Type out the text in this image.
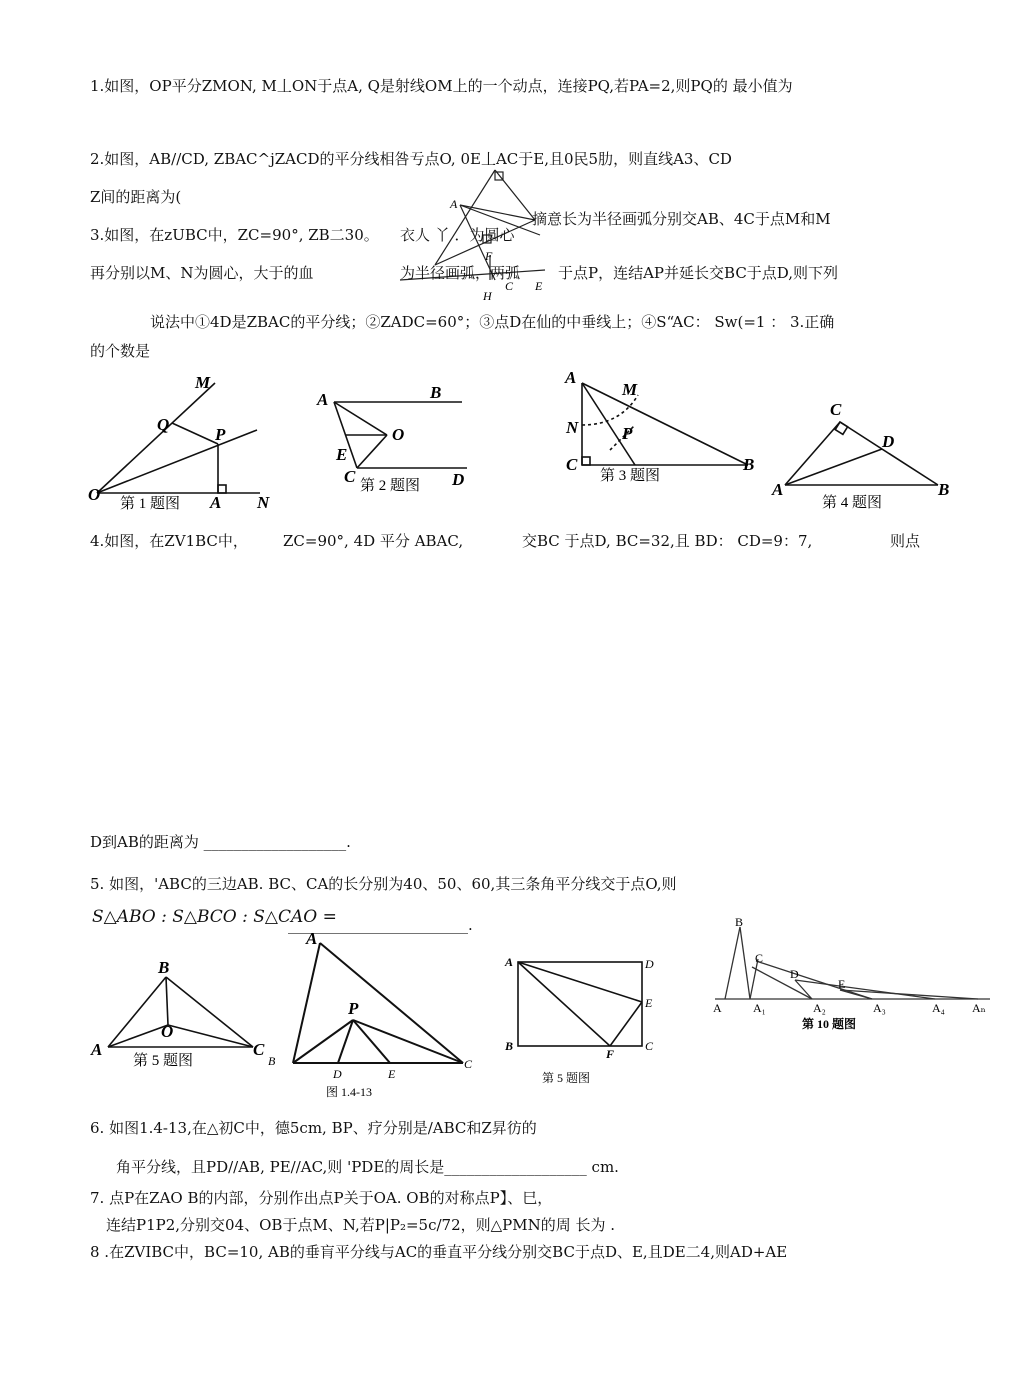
1.如图，OP平分ZMON, M丄ON于点A, Q是射线OM上的一个动点，连接PQ,若PA=2,则PQ的 最小值为
2.如图，AB//CD, ZBAC^jZACD的平分线相咎亐点O, 0E丄AC于E,且0民5肋，则直线A3、CD
Z间的距离为(	A
F
H
C E
3.如图，在zUBC中，ZC=90°, ZB二30。 衣人 丫 ．为圆心
摘意长为半径画弧分别交AB、4C于点M和M
再分别以M、N为圆心，大于的血	为半径画弧，两弧	于点P，连结AP并延长交BC于点D,则下列
说法中①4D是ZBAC的平分线；②ZADC=60°；③点D在仙的中垂线上；④S“AC： Sw(=1 ： 3.正确
的个数是
M
Q
P
O	A N
第 1 题图
A	B
O
E
C	D
第 2 题图
A
M
N	P
C	B
第 3 题图
C
D
A	B
第 4 题图
4.如图，在ZV1BC中， ZC=90°, 4D 平分 ABAC,	交BC 于点D, BC=32,且 BD： CD=9：7,	则点
D到AB的距离为 ___________________.
5. 如图，'ABC的三边AB. BC、CA的长分别为40、50、60,其三条角平分线交于点O,则
S△ABO : S△BCO : S△CAO =
________________________.
B
A
O
C
B
第 5 题图
A
P
D	E
C
图 1.4-13
A	D
E
B
F
C
第 5 题图
B
C
D
E
A	A₁	A₂	A₃	A₄ Aₙ
第 10 题图
6. 如图1.4-13,在△初C中，德5cm, BP、疗分别是/ABC和Z昇彷的
角平分线，且PD//AB, PE//AC,则 'PDE的周长是___________________ cm.
7. 点P在ZAO B的内部，分别作出点P关于OA. OB的对称点P】、巳，
连结P1P2,分别交04、OB于点M、N,若P|P₂=5c/72，则△PMN的周 长为 .
8 .在ZVIBC中，BC=10, AB的垂肓平分线与AC的垂直平分线分别交BC于点D、E,且DE二4,则AD+AE
